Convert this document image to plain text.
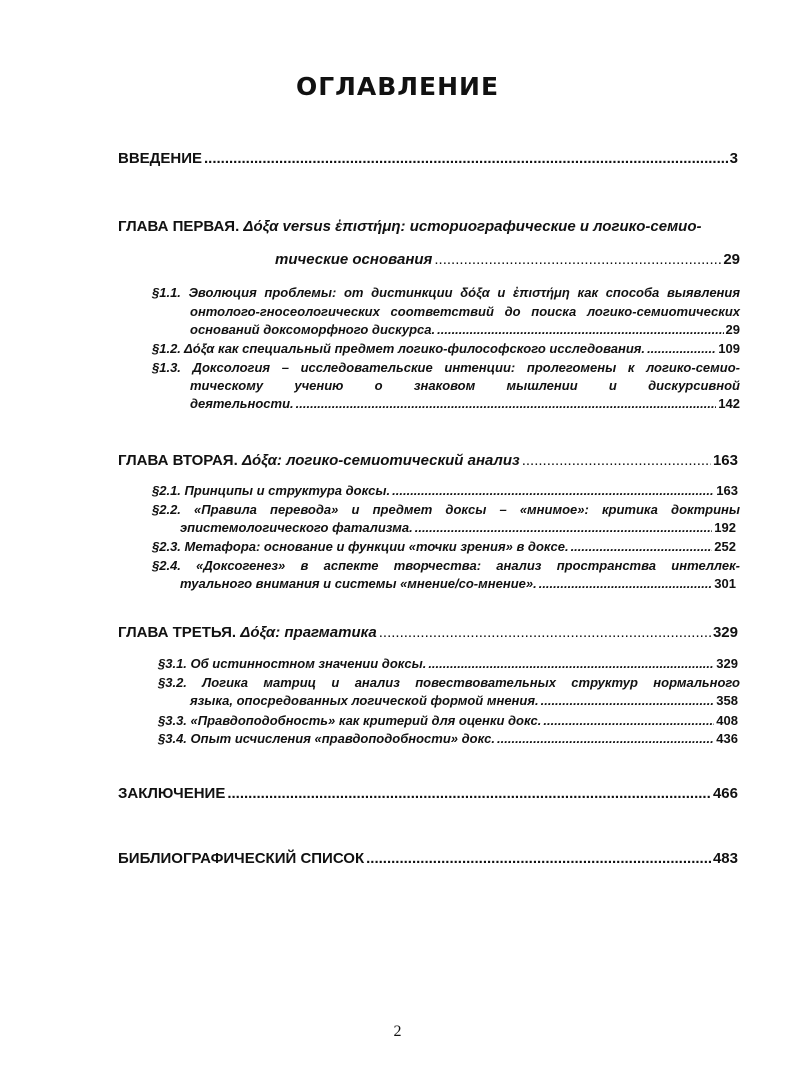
ОГЛАВЛЕНИЕ
ВВЕДЕНИЕ .....	3
ГЛАВА ПЕРВАЯ. Δόξα versus ἐπιστήμη: историографические и логико-семио-
тические основания .....	29
§1.1. Эволюция проблемы: от дистинкции δόξα и ἐπιστήμη как способа выявления
онтолого-гносеологических соответствий до поиска логико-семиотических
оснований доксоморфного дискурса. .....	29
§1.2. Δόξα как специальный предмет логико-философского исследования. .....	109
§1.3. Доксология – исследовательские интенции: пролегомены к логико-семио-
тическому учению о знаковом мышлении и дискурсивной
деятельности. .....	142
ГЛАВА ВТОРАЯ. Δόξα: логико-семиотический анализ .....	163
§2.1. Принципы и структура доксы. .....	163
§2.2. «Правила перевода» и предмет доксы – «мнимое»: критика доктрины
эпистемологического фатализма. .....	192
§2.3. Метафора: основание и функции «точки зрения» в доксе. .....	252
§2.4. «Доксогенез» в аспекте творчества: анализ пространства интеллек-
туального внимания и системы «мнение/со-мнение». .....	301
ГЛАВА ТРЕТЬЯ. Δόξα: прагматика .....	329
§3.1. Об истинностном значении доксы. .....	329
§3.2. Логика матриц и анализ повествовательных структур нормального
языка, опосредованных логической формой мнения. .....	358
§3.3. «Правдоподобность» как критерий для оценки докс. .....	408
§3.4. Опыт исчисления «правдоподобности» докс. .....	436
ЗАКЛЮЧЕНИЕ .....	466
БИБЛИОГРАФИЧЕСКИЙ СПИСОК .....	483
2
